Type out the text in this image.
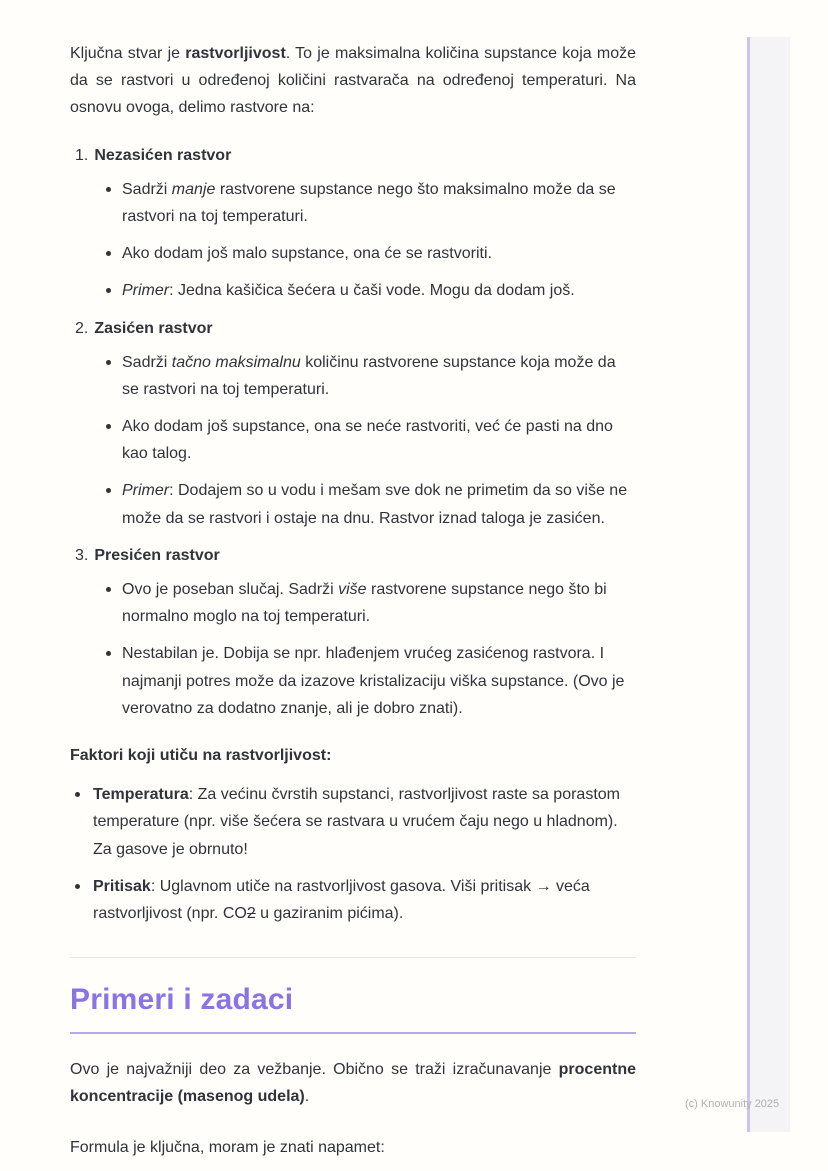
Ključna stvar je rastvorljivost. To je maksimalna količina supstance koja može da se rastvori u određenoj količini rastvarača na određenoj temperaturi. Na osnovu ovoga, delimo rastvore na:

1. Nezasićen rastvor
Sadrži manje rastvorene supstance nego što maksimalno može da se rastvori na toj temperaturi.
Ako dodam još malo supstance, ona će se rastvoriti.
Primer: Jedna kašičica šećera u čaši vode. Mogu da dodam još.
2. Zasićen rastvor
Sadrži tačno maksimalnu količinu rastvorene supstance koja može da se rastvori na toj temperaturi.
Ako dodam još supstance, ona se neće rastvoriti, već će pasti na dno kao talog.
Primer: Dodajem so u vodu i mešam sve dok ne primetim da so više ne može da se rastvori i ostaje na dnu. Rastvor iznad taloga je zasićen.
3. Presićen rastvor
Ovo je poseban slučaj. Sadrži više rastvorene supstance nego što bi normalno moglo na toj temperaturi.
Nestabilan je. Dobija se npr. hlađenjem vrućeg zasićenog rastvora. I najmanji potres može da izazove kristalizaciju viška supstance. (Ovo je verovatno za dodatno znanje, ali je dobro znati).

Faktori koji utiču na rastvorljivost:

Temperatura: Za većinu čvrstih supstanci, rastvorljivost raste sa porastom temperature (npr. više šećera se rastvara u vrućem čaju nego u hladnom). Za gasove je obrnuto!
Pritisak: Uglavnom utiče na rastvorljivost gasova. Viši pritisak → veća rastvorljivost (npr. CO2 u gaziranim pićima).
Primeri i zadaci

Ovo je najvažniji deo za vežbanje. Obično se traži izračunavanje procentne koncentracije (masenog udela).

Formula je ključna, moram je znati napamet:

(c) Knowunity 2025
